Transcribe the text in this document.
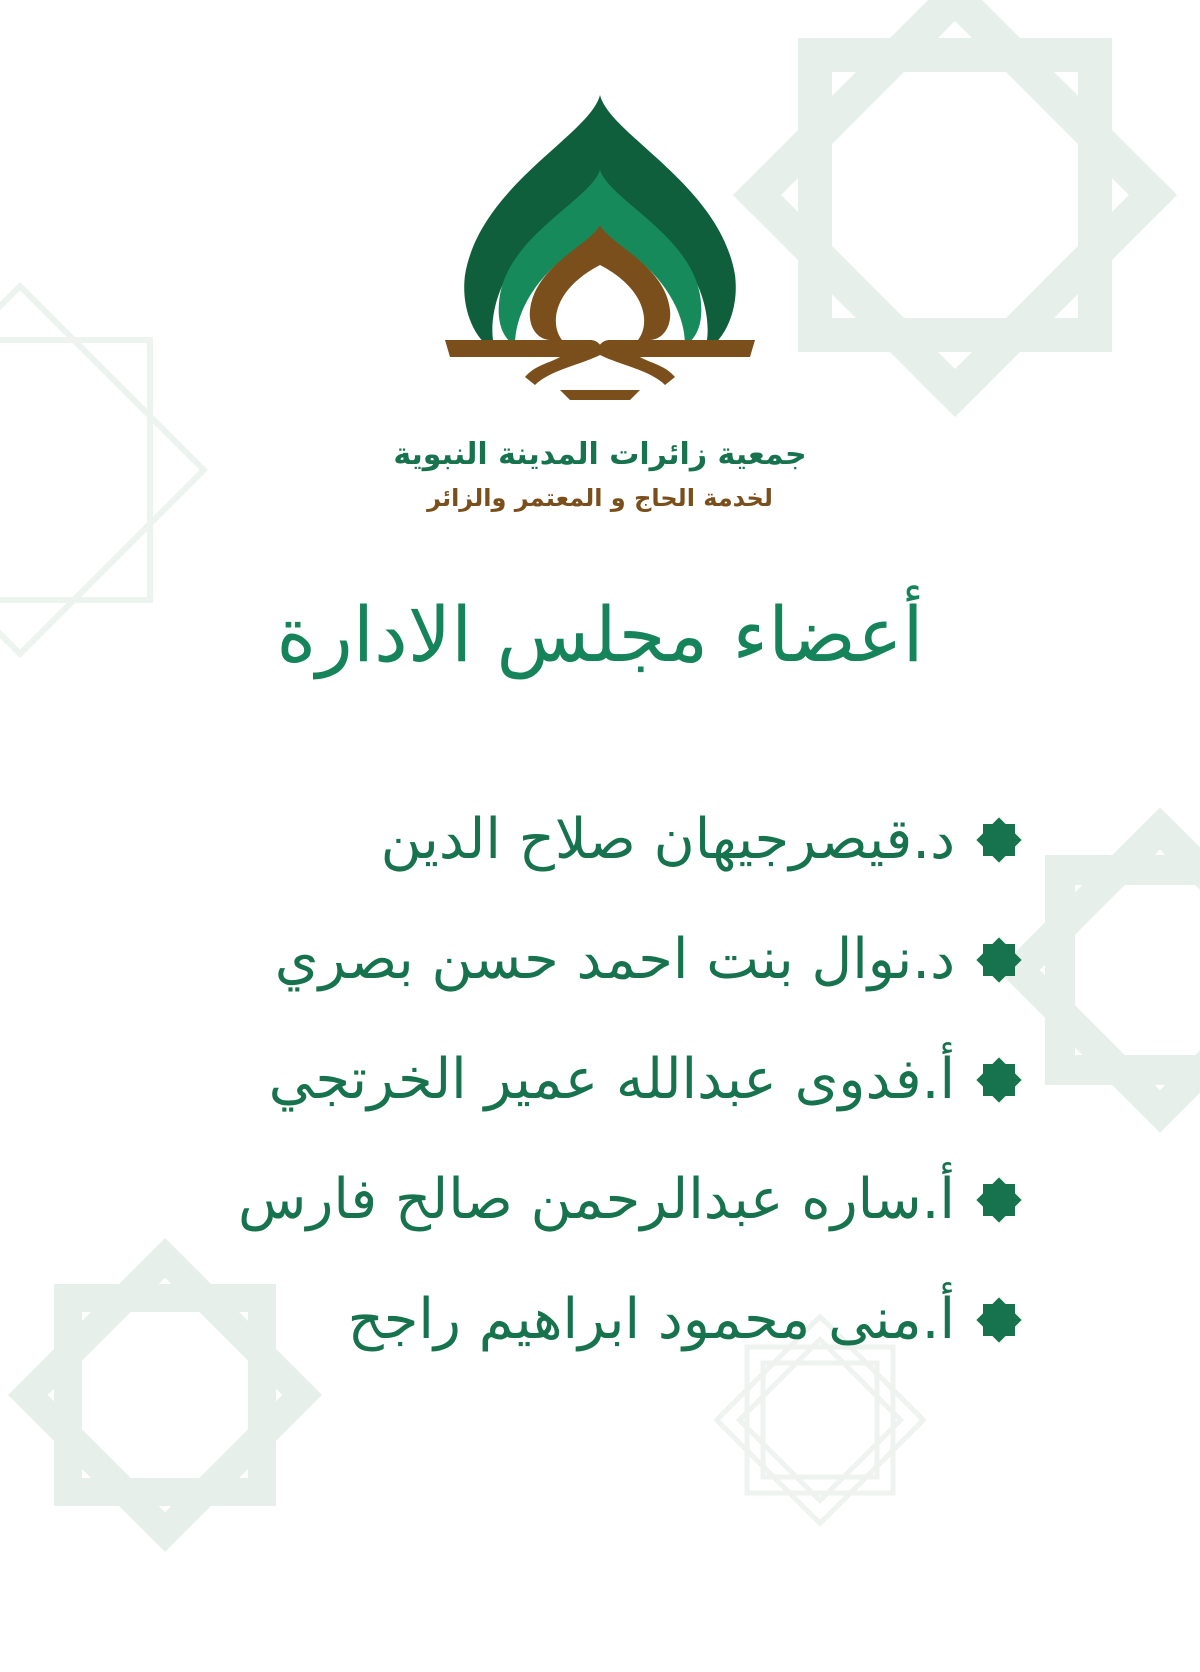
جمعية زائرات المدينة النبوية
لخدمة الحاج و المعتمر والزائر
أعضاء مجلس الادارة
د.قيصرجيهان صلاح الدين
د.نوال بنت احمد حسن بصري
أ.فدوى عبدالله عمير الخرتجي
أ.ساره عبدالرحمن صالح فارس
أ.منى محمود ابراهيم راجح
